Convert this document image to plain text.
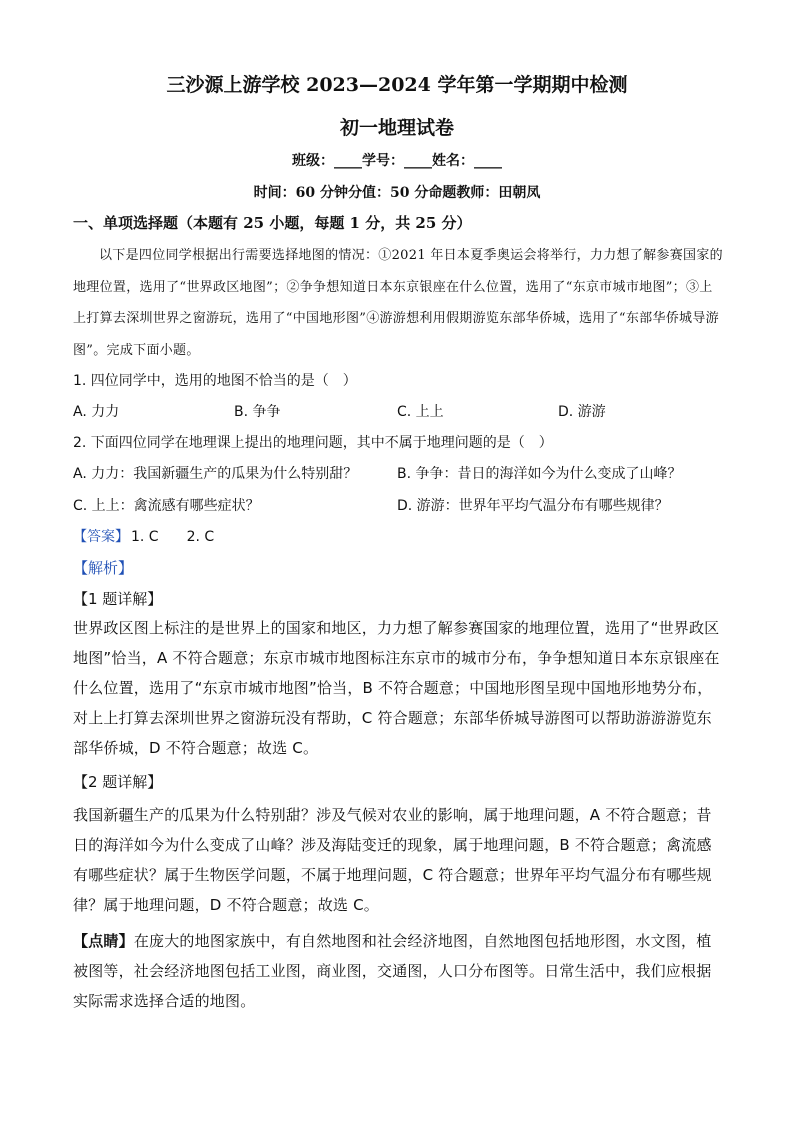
三沙源上游学校 2023—2024 学年第一学期期中检测
初一地理试卷
班级：____学号：____姓名：____
时间：60 分钟分值：50 分命题教师：田朝凤
一、单项选择题（本题有 25 小题，每题 1 分，共 25 分）
以下是四位同学根据出行需要选择地图的情况：①2021 年日本夏季奥运会将举行，力力想了解参赛国家的地理位置，选用了“世界政区地图”；②争争想知道日本东京银座在什么位置，选用了“东京市城市地图”；③上上打算去深圳世界之窗游玩，选用了“中国地形图”④游游想利用假期游览东部华侨城，选用了“东部华侨城导游图”。完成下面小题。
1. 四位同学中，选用的地图不恰当的是（　）
A. 力力	B. 争争	C. 上上	D. 游游
2. 下面四位同学在地理课上提出的地理问题，其中不属于地理问题的是（　）
A. 力力：我国新疆生产的瓜果为什么特别甜？	B. 争争：昔日的海洋如今为什么变成了山峰？
C. 上上：禽流感有哪些症状？	D. 游游：世界年平均气温分布有哪些规律？
【答案】 1. C　　2. C
【解析】
【1 题详解】
世界政区图上标注的是世界上的国家和地区，力力想了解参赛国家的地理位置，选用了“世界政区地图”恰当，A 不符合题意；东京市城市地图标注东京市的城市分布，争争想知道日本东京银座在什么位置，选用了“东京市城市地图”恰当，B 不符合题意；中国地形图呈现中国地形地势分布，对上上打算去深圳世界之窗游玩没有帮助，C 符合题意；东部华侨城导游图可以帮助游游游览东部华侨城，D 不符合题意；故选 C。
【2 题详解】
我国新疆生产的瓜果为什么特别甜？涉及气候对农业的影响，属于地理问题，A 不符合题意；昔日的海洋如今为什么变成了山峰？涉及海陆变迁的现象，属于地理问题，B 不符合题意；禽流感有哪些症状？属于生物医学问题，不属于地理问题，C 符合题意；世界年平均气温分布有哪些规律？属于地理问题，D 不符合题意；故选 C。
【点睛】在庞大的地图家族中，有自然地图和社会经济地图，自然地图包括地形图，水文图，植被图等，社会经济地图包括工业图，商业图，交通图，人口分布图等。日常生活中，我们应根据实际需求选择合适的地图。
